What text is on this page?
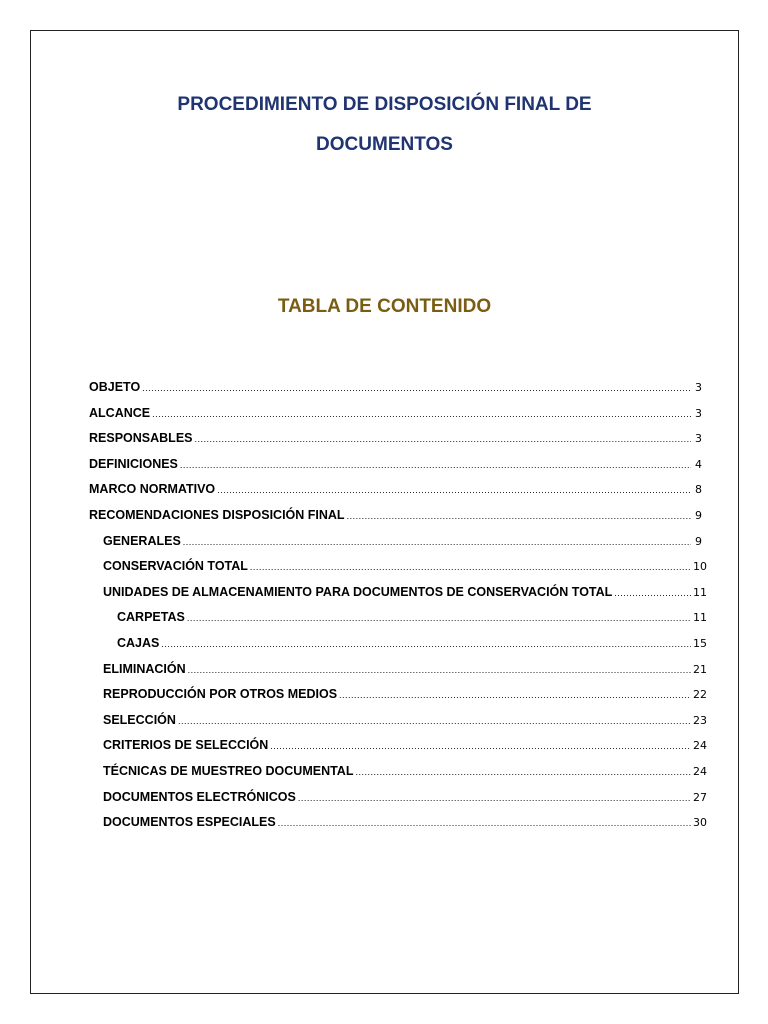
PROCEDIMIENTO DE DISPOSICIÓN FINAL DE
DOCUMENTOS
TABLA DE CONTENIDO
OBJETO .....	3
ALCANCE .....	3
RESPONSABLES .....	3
DEFINICIONES .....	4
MARCO NORMATIVO .....	8
RECOMENDACIONES DISPOSICIÓN FINAL .....	9
GENERALES .....	9
CONSERVACIÓN TOTAL .....	10
UNIDADES DE ALMACENAMIENTO PARA DOCUMENTOS DE CONSERVACIÓN TOTAL .....	11
CARPETAS .....	11
CAJAS .....	15
ELIMINACIÓN .....	21
REPRODUCCIÓN POR OTROS MEDIOS .....	22
SELECCIÓN .....	23
CRITERIOS DE SELECCIÓN .....	24
TÉCNICAS DE MUESTREO DOCUMENTAL .....	24
DOCUMENTOS ELECTRÓNICOS .....	27
DOCUMENTOS ESPECIALES .....	30
